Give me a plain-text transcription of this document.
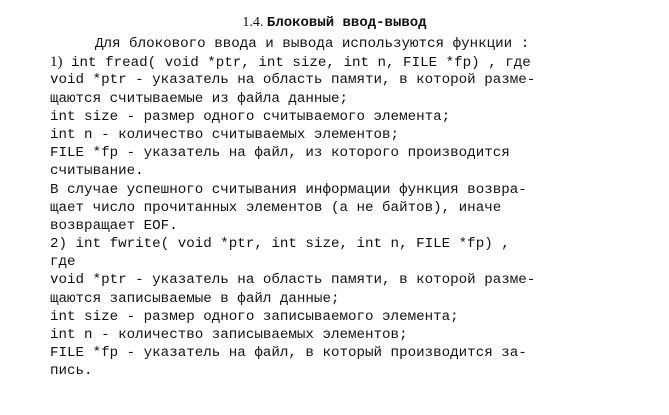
1.4. Блоковый ввод-вывод
Для блокового ввода и вывода используются функции :
1) int fread( void *ptr, int size, int n, FILE *fp) , где
void *ptr - указатель на область памяти, в которой разме-
щаются считываемые из файла данные;
int size - размер одного считываемого элемента;
int n - количество считываемых элементов;
FILE *fp - указатель на файл, из которого производится
считывание.
В случае успешного считывания информации функция возвра-
щает число прочитанных элементов (а не байтов), иначе
возвращает EOF.
2) int fwrite( void *ptr, int size, int n, FILE *fp) ,
где
void *ptr - указатель на область памяти, в которой разме-
щаются записываемые в файл данные;
int size - размер одного записываемого элемента;
int n - количество записываемых элементов;
FILE *fp - указатель на файл, в который производится за-
пись.
